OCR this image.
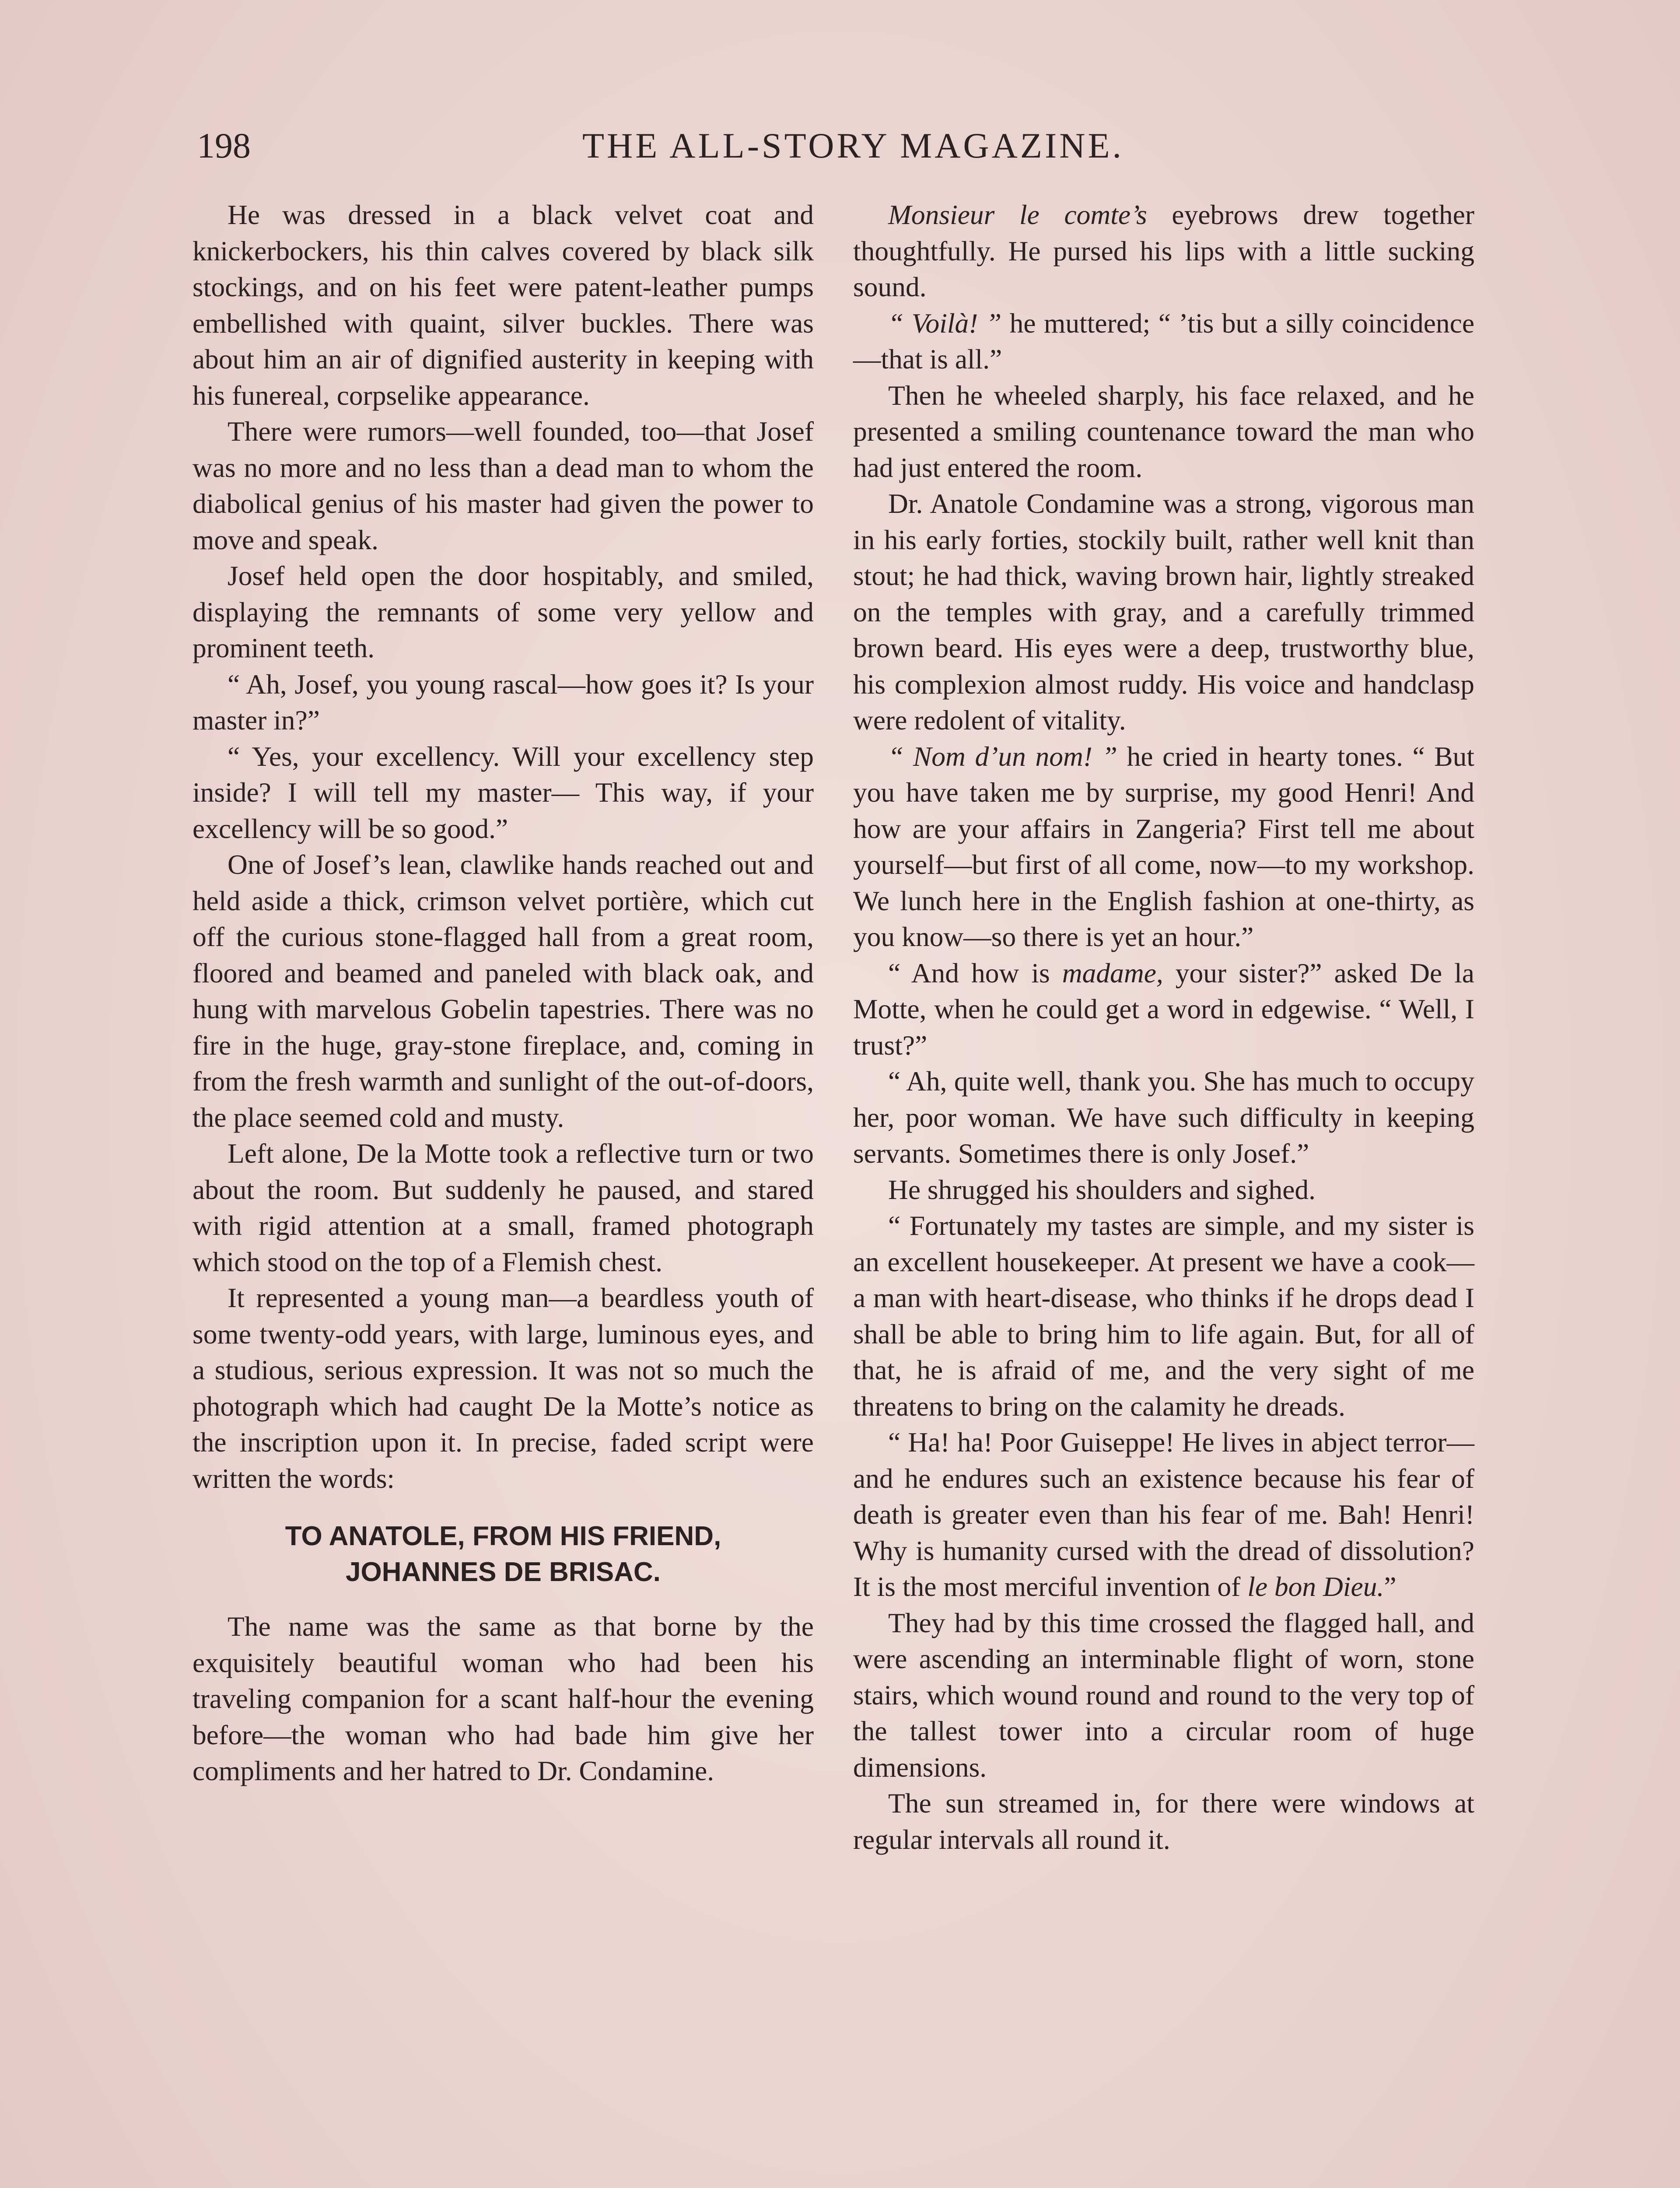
198	THE ALL-STORY MAGAZINE.

He was dressed in a black velvet coat and knickerbockers, his thin calves covered by black silk stockings, and on his feet were patent-leather pumps embellished with quaint, silver buckles. There was about him an air of dignified austerity in keeping with his funereal, corpselike appearance.

There were rumors—well founded, too—that Josef was no more and no less than a dead man to whom the diabolical genius of his master had given the power to move and speak.

Josef held open the door hospitably, and smiled, displaying the remnants of some very yellow and prominent teeth.

“ Ah, Josef, you young rascal—how goes it? Is your master in?”

“ Yes, your excellency. Will your excellency step inside? I will tell my master— This way, if your excellency will be so good.”

One of Josef’s lean, clawlike hands reached out and held aside a thick, crimson velvet portière, which cut off the curious stone-flagged hall from a great room, floored and beamed and paneled with black oak, and hung with marvelous Gobelin tapestries. There was no fire in the huge, gray-stone fireplace, and, coming in from the fresh warmth and sunlight of the out-of-doors, the place seemed cold and musty.

Left alone, De la Motte took a reflective turn or two about the room. But suddenly he paused, and stared with rigid attention at a small, framed photograph which stood on the top of a Flemish chest.

It represented a young man—a beardless youth of some twenty-odd years, with large, luminous eyes, and a studious, serious expression. It was not so much the photograph which had caught De la Motte’s notice as the inscription upon it. In precise, faded script were written the words:

TO ANATOLE, FROM HIS FRIEND,
JOHANNES DE BRISAC.

The name was the same as that borne by the exquisitely beautiful woman who had been his traveling companion for a scant half-hour the evening before—the woman who had bade him give her compliments and her hatred to Dr. Condamine.

Monsieur le comte’s eyebrows drew together thoughtfully. He pursed his lips with a little sucking sound.

“ Voilà! ” he muttered; “ ’tis but a silly coincidence—that is all.”

Then he wheeled sharply, his face relaxed, and he presented a smiling countenance toward the man who had just entered the room.

Dr. Anatole Condamine was a strong, vigorous man in his early forties, stockily built, rather well knit than stout; he had thick, waving brown hair, lightly streaked on the temples with gray, and a carefully trimmed brown beard. His eyes were a deep, trustworthy blue, his complexion almost ruddy. His voice and handclasp were redolent of vitality.

“ Nom d’un nom! ” he cried in hearty tones. “ But you have taken me by surprise, my good Henri! And how are your affairs in Zangeria? First tell me about yourself—but first of all come, now—to my workshop. We lunch here in the English fashion at one-thirty, as you know—so there is yet an hour.”

“ And how is madame, your sister?” asked De la Motte, when he could get a word in edgewise. “ Well, I trust?”

“ Ah, quite well, thank you. She has much to occupy her, poor woman. We have such difficulty in keeping servants. Sometimes there is only Josef.”

He shrugged his shoulders and sighed.

“ Fortunately my tastes are simple, and my sister is an excellent housekeeper. At present we have a cook—a man with heart-disease, who thinks if he drops dead I shall be able to bring him to life again. But, for all of that, he is afraid of me, and the very sight of me threatens to bring on the calamity he dreads.

“ Ha! ha! Poor Guiseppe! He lives in abject terror—and he endures such an existence because his fear of death is greater even than his fear of me. Bah! Henri! Why is humanity cursed with the dread of dissolution? It is the most merciful invention of le bon Dieu.”

They had by this time crossed the flagged hall, and were ascending an interminable flight of worn, stone stairs, which wound round and round to the very top of the tallest tower into a circular room of huge dimensions.

The sun streamed in, for there were windows at regular intervals all round it.
